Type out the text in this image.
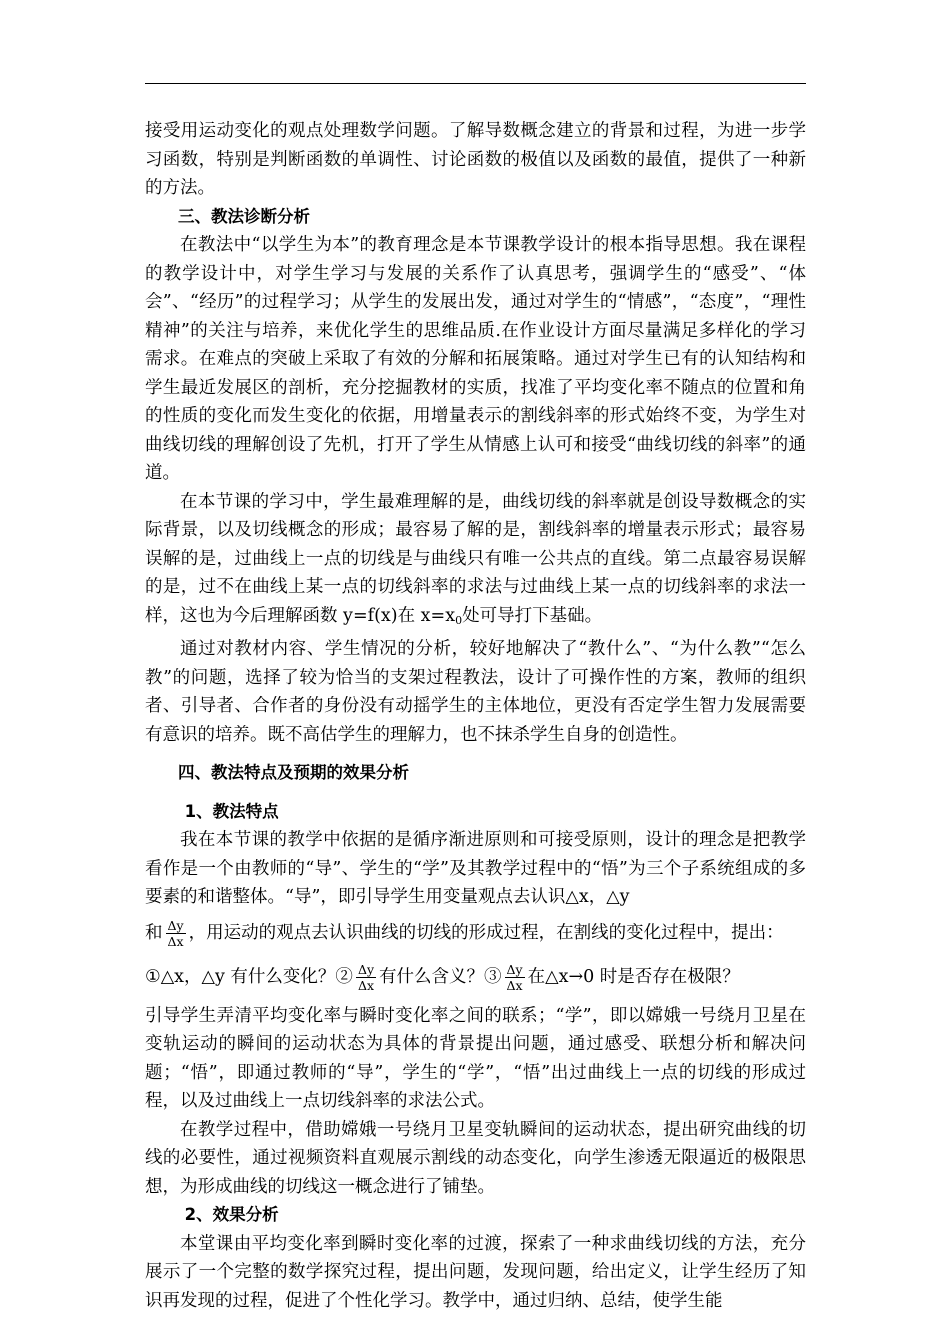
接受用运动变化的观点处理数学问题。了解导数概念建立的背景和过程，为进一步学习函数，特别是判断函数的单调性、讨论函数的极值以及函数的最值，提供了一种新的方法。

三、教法诊断分析

在教法中“以学生为本”的教育理念是本节课教学设计的根本指导思想。我在课程的教学设计中，对学生学习与发展的关系作了认真思考，强调学生的“感受”、“体会”、“经历”的过程学习；从学生的发展出发，通过对学生的“情感”，“态度”，“理性精神”的关注与培养，来优化学生的思维品质.在作业设计方面尽量满足多样化的学习需求。在难点的突破上采取了有效的分解和拓展策略。通过对学生已有的认知结构和学生最近发展区的剖析，充分挖掘教材的实质，找准了平均变化率不随点的位置和角的性质的变化而发生变化的依据，用增量表示的割线斜率的形式始终不变，为学生对曲线切线的理解创设了先机，打开了学生从情感上认可和接受“曲线切线的斜率”的通道。

在本节课的学习中，学生最难理解的是，曲线切线的斜率就是创设导数概念的实际背景，以及切线概念的形成；最容易了解的是，割线斜率的增量表示形式；最容易误解的是，过曲线上一点的切线是与曲线只有唯一公共点的直线。第二点最容易误解的是，过不在曲线上某一点的切线斜率的求法与过曲线上某一点的切线斜率的求法一样，这也为今后理解函数 y=f(x)在 x=x0处可导打下基础。

通过对教材内容、学生情况的分析，较好地解决了“教什么”、“为什么教”“怎么教”的问题，选择了较为恰当的支架过程教法，设计了可操作性的方案，教师的组织者、引导者、合作者的身份没有动摇学生的主体地位，更没有否定学生智力发展需要有意识的培养。既不高估学生的理解力，也不抹杀学生自身的创造性。

四、教法特点及预期的效果分析

1、教法特点

我在本节课的教学中依据的是循序渐进原则和可接受原则，设计的理念是把教学看作是一个由教师的“导”、学生的“学”及其教学过程中的“悟”为三个子系统组成的多要素的和谐整体。“导”，即引导学生用变量观点去认识△x，△y

和 $\frac{\Delta y}{\Delta x}$ ，用运动的观点去认识曲线的切线的形成过程，在割线的变化过程中，提出：
①△x，△y 有什么变化？② $\frac{\Delta y}{\Delta x}$ 有什么含义？③ $\frac{\Delta y}{\Delta x}$ 在△x→0 时是否存在极限？

引导学生弄清平均变化率与瞬时变化率之间的联系；“学”，即以嫦娥一号绕月卫星在变轨运动的瞬间的运动状态为具体的背景提出问题，通过感受、联想分析和解决问题；“悟”，即通过教师的“导”，学生的“学”，“悟”出过曲线上一点的切线的形成过程，以及过曲线上一点切线斜率的求法公式。

在教学过程中，借助嫦娥一号绕月卫星变轨瞬间的运动状态，提出研究曲线的切线的必要性，通过视频资料直观展示割线的动态变化，向学生渗透无限逼近的极限思想，为形成曲线的切线这一概念进行了铺垫。

2、效果分析

本堂课由平均变化率到瞬时变化率的过渡，探索了一种求曲线切线的方法，充分展示了一个完整的数学探究过程，提出问题，发现问题，给出定义，让学生经历了知识再发现的过程，促进了个性化学习。教学中，通过归纳、总结，使学生能
